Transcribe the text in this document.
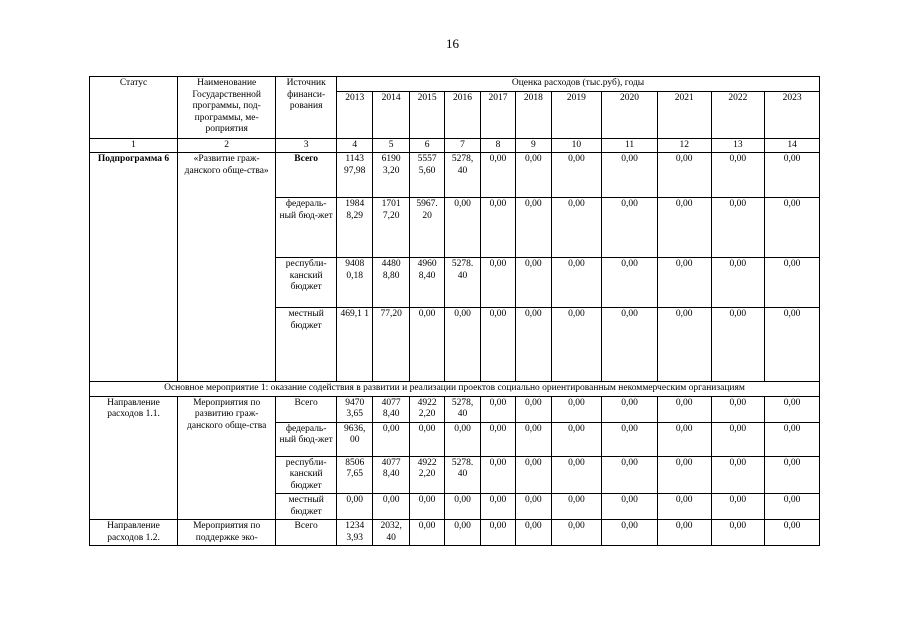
16
Статус	Наименование Государственной программы, под-программы, ме-роприятия	Источник финанси-рования	Оценка расходов (тыс.руб), годы										
			2013	2014	2015	2016	2017	2018	2019	2020	2021	2022	2023
1	2	3	4	5	6	7	8	9	10	11	12	13	14
Подпрограмма 6	«Развитие граж-данского обще-ства»	Всего	1143 97,98	6190 3,20	5557 5,60	5278, 40	0,00	0,00	0,00	0,00	0,00	0,00	0,00
		федераль-ный бюд-жет	1984 8,29	1701 7,20	5967. 20	0,00	0,00	0,00	0,00	0,00	0,00	0,00	0,00
		республи-канский бюджет	9408 0,18	4480 8,80	4960 8,40	5278. 40	0,00	0,00	0,00	0,00	0,00	0,00	0,00
		местный бюджет	469,1 1	77,20	0,00	0,00	0,00	0,00	0,00	0,00	0,00	0,00	0,00
Основное мероприятие 1: оказание содействия в развитии и реализации проектов социально ориентированным некоммерческим организациям													
Направление расходов 1.1.	Мероприятия по развитию граж-данского обще-ства	Всего	9470 3,65	4077 8,40	4922 2,20	5278, 40	0,00	0,00	0,00	0,00	0,00	0,00	0,00
		федераль-ный бюд-жет	9636, 00	0,00	0,00	0,00	0,00	0,00	0,00	0,00	0,00	0,00	0,00
		республи-канский бюджет	8506 7,65	4077 8,40	4922 2,20	5278. 40	0,00	0,00	0,00	0,00	0,00	0,00	0,00
		местный бюджет	0,00	0,00	0,00	0,00	0,00	0,00	0,00	0,00	0,00	0,00	0,00
Направление расходов 1.2.	Мероприятия по поддержке эко-	Всего	1234 3,93	2032, 40	0,00	0,00	0,00	0,00	0,00	0,00	0,00	0,00	0,00
